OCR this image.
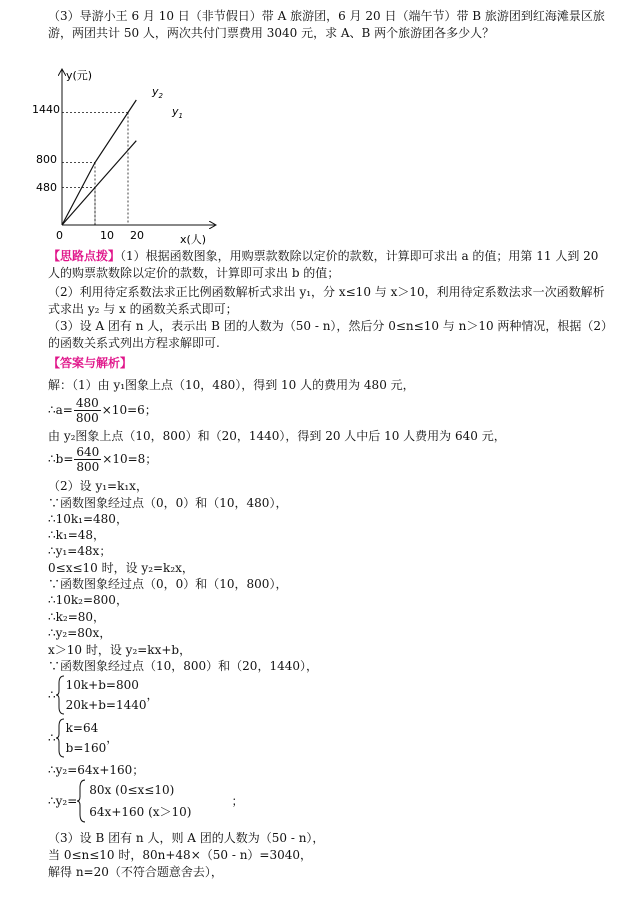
（3）导游小王 6 月 10 日（非节假日）带 A 旅游团，6 月 20 日（端午节）带 B 旅游团到红海滩景区旅游，两团共计 50 人，两次共付门票费用 3040 元，求 A、B 两个旅游团各多少人？
y(元)
x(人)
0	10 20
480
800
1440
$y_2$
$y_1$
【思路点拨】（1）根据函数图象，用购票款数除以定价的款数，计算即可求出 a 的值；用第 11 人到 20 人的购票款数除以定价的款数，计算即可求出 b 的值；
（2）利用待定系数法求正比例函数解析式求出 y₁，分 x≤10 与 x＞10，利用待定系数法求一次函数解析式求出 y₂ 与 x 的函数关系式即可；
（3）设 A 团有 n 人，表示出 B 团的人数为（50 - n），然后分 0≤n≤10 与 n＞10 两种情况，根据（2）的函数关系式列出方程求解即可.
【答案与解析】
解：（1）由 y₁图象上点（10，480），得到 10 人的费用为 480 元，
∴a= $\frac{480}{800} \times 10=6$；
由 y₂图象上点（10，800）和（20，1440），得到 20 人中后 10 人费用为 640 元，
∴b= $\frac{640}{800} \times 10=8$；
（2）设 y₁=k₁x，
∵函数图象经过点（0，0）和（10，480），
∴10k₁=480，
∴k₁=48，
∴y₁=48x；
0≤x≤10 时，设 y₂=k₂x，
∵函数图象经过点（0，0）和（10，800），
∴10k₂=800，
∴k₂=80，
∴y₂=80x，
x＞10 时，设 y₂=kx+b，
∵函数图象经过点（10，800）和（20，1440），
∴
10k+b=800
20k+b=1440
，
∴
k=64
b=160
，
∴y₂=64x+160；
∴y₂=
80x (0≤x≤10)
64x+160 (x＞10)
；
（3）设 B 团有 n 人，则 A 团的人数为（50 - n），
当 0≤n≤10 时，80n+48×（50 - n）=3040，
解得 n=20（不符合题意舍去），
